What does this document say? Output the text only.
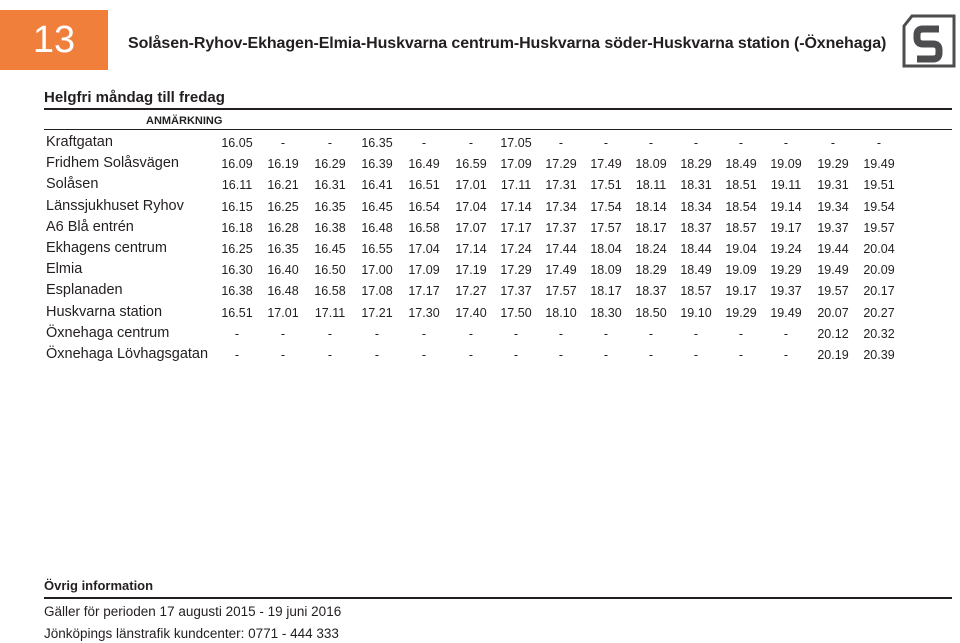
13	Solåsen-Ryhov-Ekhagen-Elmia-Huskvarna centrum-Huskvarna söder-Huskvarna station (-Öxnehaga)
Helgfri måndag till fredag
ANMÄRKNING
Kraftgatan	16.05	-	-	16.35	-	-	17.05	-	-	-	-	-	-	-	-
Fridhem Solåsvägen	16.09	16.19	16.29	16.39	16.49	16.59	17.09	17.29	17.49	18.09	18.29	18.49	19.09	19.29	19.49
Solåsen	16.11	16.21	16.31	16.41	16.51	17.01	17.11	17.31	17.51	18.11	18.31	18.51	19.11	19.31	19.51
Länssjukhuset Ryhov	16.15	16.25	16.35	16.45	16.54	17.04	17.14	17.34	17.54	18.14	18.34	18.54	19.14	19.34	19.54
A6 Blå entrén	16.18	16.28	16.38	16.48	16.58	17.07	17.17	17.37	17.57	18.17	18.37	18.57	19.17	19.37	19.57
Ekhagens centrum	16.25	16.35	16.45	16.55	17.04	17.14	17.24	17.44	18.04	18.24	18.44	19.04	19.24	19.44	20.04
Elmia	16.30	16.40	16.50	17.00	17.09	17.19	17.29	17.49	18.09	18.29	18.49	19.09	19.29	19.49	20.09
Esplanaden	16.38	16.48	16.58	17.08	17.17	17.27	17.37	17.57	18.17	18.37	18.57	19.17	19.37	19.57	20.17
Huskvarna station	16.51	17.01	17.11	17.21	17.30	17.40	17.50	18.10	18.30	18.50	19.10	19.29	19.49	20.07	20.27
Öxnehaga centrum	-	-	-	-	-	-	-	-	-	-	-	-	-	20.12	20.32
Öxnehaga Lövhagsgatan	-	-	-	-	-	-	-	-	-	-	-	-	-	20.19	20.39
Övrig information
Gäller för perioden 17 augusti 2015 - 19 juni 2016
Jönköpings länstrafik kundcenter: 0771 - 444 333
